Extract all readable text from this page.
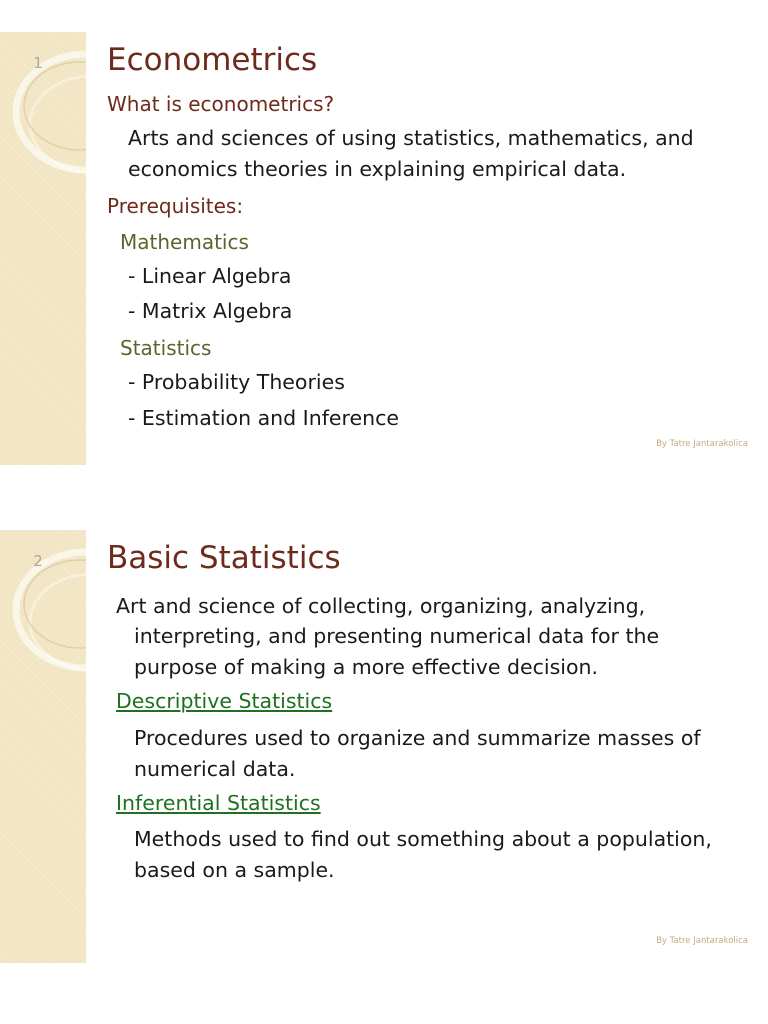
1	Econometrics

What is econometrics?

Arts and sciences of using statistics, mathematics, and

economics theories in explaining empirical data.

Prerequisites:

Mathematics

- Linear Algebra

- Matrix Algebra

Statistics

- Probability Theories

- Estimation and Inference

By Tatre Jantarakolica
2	Basic Statistics

Art and science of collecting, organizing, analyzing,

interpreting, and presenting numerical data for the

purpose of making a more effective decision.

Descriptive Statistics

Procedures used to organize and summarize masses of

numerical data.

Inferential Statistics

Methods used to find out something about a population,

based on a sample.

By Tatre Jantarakolica
